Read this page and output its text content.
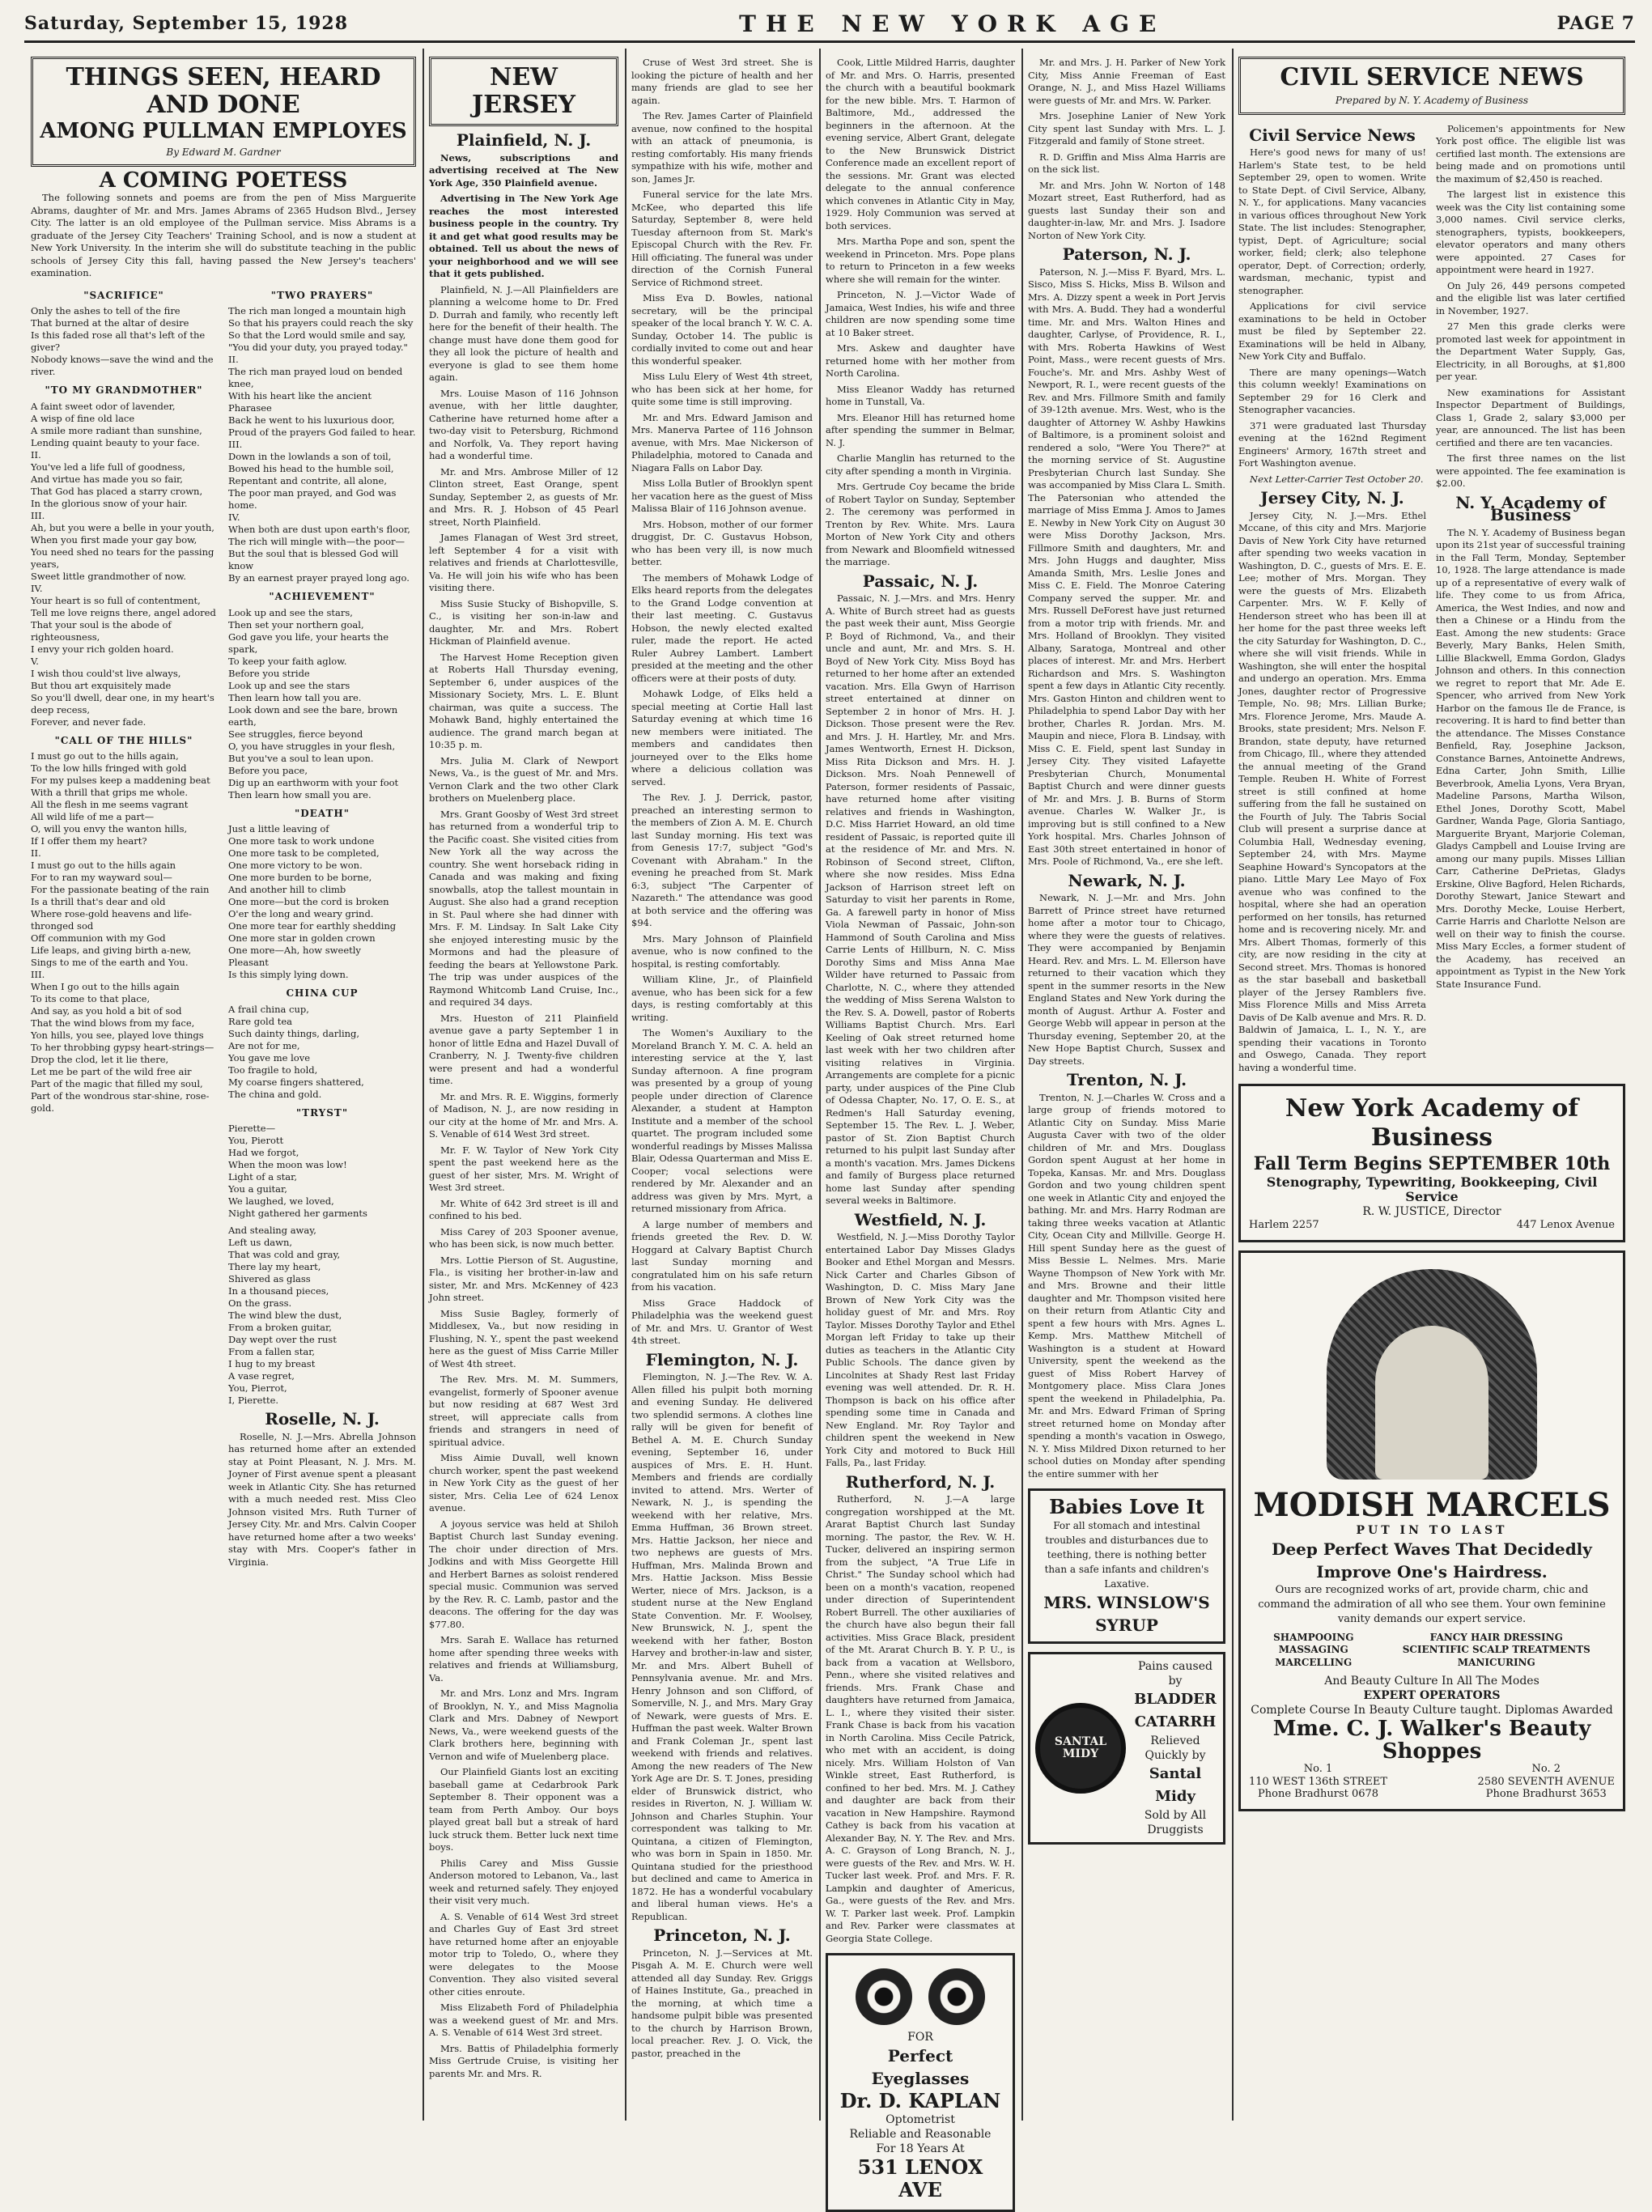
Saturday, September 15, 1928	THE NEW YORK AGE	PAGE 7
THINGS SEEN, HEARD AND DONE
AMONG PULLMAN EMPLOYES
By Edward M. Gardner
A COMING POETESS

The following sonnets and poems are from the pen of Miss Marguerite Abrams, daughter of Mr. and Mrs. James Abrams of 2365 Hudson Blvd., Jersey City. The latter is an old employee of the Pullman service. Miss Abrams is a graduate of the Jersey City Teachers' Training School, and is now a student at New York University. In the interim she will do substitute teaching in the public schools of Jersey City this fall, having passed the New Jersey's teachers' examination.

"SACRIFICE"
Only the ashes to tell of the fire
That burned at the altar of desire
Is this faded rose all that's left of the giver?
Nobody knows—save the wind and the river.
"TO MY GRANDMOTHER"
A faint sweet odor of lavender,
A wisp of fine old lace
A smile more radiant than sunshine,
Lending quaint beauty to your face.
II.
You've led a life full of goodness,
And virtue has made you so fair,
That God has placed a starry crown,
In the glorious snow of your hair.
III.
Ah, but you were a belle in your youth,
When you first made your gay bow,
You need shed no tears for the passing years,
Sweet little grandmother of now.
IV.
Your heart is so full of contentment,
Tell me love reigns there, angel adored
That your soul is the abode of righteousness,
I envy your rich golden hoard.
V.
I wish thou could'st live always,
But thou art exquisitely made
So you'll dwell, dear one, in my heart's deep recess,
Forever, and never fade.
"CALL OF THE HILLS"
I must go out to the hills again,
To the low hills fringed with gold
For my pulses keep a maddening beat
With a thrill that grips me whole.
All the flesh in me seems vagrant
All wild life of me a part—
O, will you envy the wanton hills,
If I offer them my heart?
II.
I must go out to the hills again
For to ran my wayward soul—
For the passionate beating of the rain
Is a thrill that's dear and old
Where rose-gold heavens and life-thronged sod
Off communion with my God
Life leaps, and giving birth a-new,
Sings to me of the earth and You.
III.
When I go out to the hills again
To its come to that place,
And say, as you hold a bit of sod
That the wind blows from my face,
Yon hills, you see, played love things
To her throbbing gypsy heart-strings—
Drop the clod, let it lie there,
Let me be part of the wild free air
Part of the magic that filled my soul,
Part of the wondrous star-shine, rose-gold.
"TWO PRAYERS"
The rich man longed a mountain high
So that his prayers could reach the sky
So that the Lord would smile and say,
"You did your duty, you prayed today."
II.
The rich man prayed loud on bended knee,
With his heart like the ancient Pharasee
Back he went to his luxurious door,
Proud of the prayers God failed to hear.
III.
Down in the lowlands a son of toil,
Bowed his head to the humble soil,
Repentant and contrite, all alone,
The poor man prayed, and God was home.
IV.
When both are dust upon earth's floor,
The rich will mingle with—the poor—
But the soul that is blessed God will know
By an earnest prayer prayed long ago.
"ACHIEVEMENT"
Look up and see the stars,
Then set your northern goal,
God gave you life, your hearts the spark,
To keep your faith aglow.
Before you stride
Look up and see the stars
Then learn how tall you are.
Look down and see the bare, brown earth,
See struggles, fierce beyond
O, you have struggles in your flesh,
But you've a soul to lean upon.
Before you pace,
Dig up an earthworm with your foot
Then learn how small you are.
"DEATH"
Just a little leaving of
One more task to work undone
One more task to be completed,
One more victory to be won.
One more burden to be borne,
And another hill to climb
One more—but the cord is broken
O'er the long and weary grind.
One more tear for earthly shedding
One more star in golden crown
One more—Ah, how sweetly
Pleasant
Is this simply lying down.
CHINA CUP
A frail china cup,
Rare gold tea
Such dainty things, darling,
Are not for me,
You gave me love
Too fragile to hold,
My coarse fingers shattered,
The china and gold.
"TRYST"
Pierette—
You, Pierott
Had we forgot,
When the moon was low!
Light of a star,
You a guitar,
We laughed, we loved,
Night gathered her garments
And stealing away,
Left us dawn,
That was cold and gray,
There lay my heart,
Shivered as glass
In a thousand pieces,
On the grass.
The wind blew the dust,
From a broken guitar,
Day wept over the rust
From a fallen star,
I hug to my breast
A vase regret,
You, Pierrot,
I, Pierette.
Roselle, N. J.

Roselle, N. J.—Mrs. Abrella Johnson has returned home after an extended stay at Point Pleasant, N. J. Mrs. M. Joyner of First avenue spent a pleasant week in Atlantic City. She has returned with a much needed rest. Miss Cleo Johnson visited Mrs. Ruth Turner of Jersey City. Mr. and Mrs. Calvin Cooper have returned home after a two weeks' stay with Mrs. Cooper's father in Virginia.

NEW JERSEY
Plainfield, N. J.

News, subscriptions and advertising received at The New York Age, 350 Plainfield avenue.

Advertising in The New York Age reaches the most interested business people in the country. Try it and get what good results may be obtained. Tell us about the news of your neighborhood and we will see that it gets published.

Plainfield, N. J.—All Plainfielders are planning a welcome home to Dr. Fred D. Durrah and family, who recently left here for the benefit of their health. The change must have done them good for they all look the picture of health and everyone is glad to see them home again.

Mrs. Louise Mason of 116 Johnson avenue, with her little daughter, Catherine have returned home after a two-day visit to Petersburg, Richmond and Norfolk, Va. They report having had a wonderful time.

Mr. and Mrs. Ambrose Miller of 12 Clinton street, East Orange, spent Sunday, September 2, as guests of Mr. and Mrs. R. J. Hobson of 45 Pearl street, North Plainfield.

James Flanagan of West 3rd street, left September 4 for a visit with relatives and friends at Charlottesville, Va. He will join his wife who has been visiting there.

Miss Susie Stucky of Bishopville, S. C., is visiting her son-in-law and daughter, Mr. and Mrs. Robert Hickman of Plainfield avenue.

The Harvest Home Reception given at Roberts Hall Thursday evening, September 6, under auspices of the Missionary Society, Mrs. L. E. Blunt chairman, was quite a success. The Mohawk Band, highly entertained the audience. The grand march began at 10:35 p. m.

Mrs. Julia M. Clark of Newport News, Va., is the guest of Mr. and Mrs. Vernon Clark and the two other Clark brothers on Muelenberg place.

Mrs. Grant Goosby of West 3rd street has returned from a wonderful trip to the Pacific coast. She visited cities from New York all the way across the country. She went horseback riding in Canada and was making and fixing snowballs, atop the tallest mountain in August. She also had a grand reception in St. Paul where she had dinner with Mrs. F. M. Lindsay. In Salt Lake City she enjoyed interesting music by the Mormons and had the pleasure of feeding the bears at Yellowstone Park. The trip was under auspices of the Raymond Whitcomb Land Cruise, Inc., and required 34 days.

Mrs. Hueston of 211 Plainfield avenue gave a party September 1 in honor of little Edna and Hazel Duvall of Cranberry, N. J. Twenty-five children were present and had a wonderful time.

Mr. and Mrs. R. E. Wiggins, formerly of Madison, N. J., are now residing in our city at the home of Mr. and Mrs. A. S. Venable of 614 West 3rd street.

Mr. F. W. Taylor of New York City spent the past weekend here as the guest of her sister, Mrs. M. Wright of West 3rd street.

Mr. White of 642 3rd street is ill and confined to his bed.

Miss Carey of 203 Spooner avenue, who has been sick, is now much better.

Mrs. Lottie Pierson of St. Augustine, Fla., is visiting her brother-in-law and sister, Mr. and Mrs. McKenney of 423 John street.

Miss Susie Bagley, formerly of Middlesex, Va., but now residing in Flushing, N. Y., spent the past weekend here as the guest of Miss Carrie Miller of West 4th street.

The Rev. Mrs. M. M. Summers, evangelist, formerly of Spooner avenue but now residing at 687 West 3rd street, will appreciate calls from friends and strangers in need of spiritual advice.

Miss Aimie Duvall, well known church worker, spent the past weekend in New York City as the guest of her sister, Mrs. Celia Lee of 624 Lenox avenue.

A joyous service was held at Shiloh Baptist Church last Sunday evening. The choir under direction of Mrs. Jodkins and with Miss Georgette Hill and Herbert Barnes as soloist rendered special music. Communion was served by the Rev. R. C. Lamb, pastor and the deacons. The offering for the day was $77.80.

Mrs. Sarah E. Wallace has returned home after spending three weeks with relatives and friends at Williamsburg, Va.

Mr. and Mrs. Lonz and Mrs. Ingram of Brooklyn, N. Y., and Miss Magnolia Clark and Mrs. Dabney of Newport News, Va., were weekend guests of the Clark brothers here, beginning with Vernon and wife of Muelenberg place.

Our Plainfield Giants lost an exciting baseball game at Cedarbrook Park September 8. Their opponent was a team from Perth Amboy. Our boys played great ball but a streak of hard luck struck them. Better luck next time boys.

Philis Carey and Miss Gussie Anderson motored to Lebanon, Va., last week and returned safely. They enjoyed their visit very much.

A. S. Venable of 614 West 3rd street and Charles Guy of East 3rd street have returned home after an enjoyable motor trip to Toledo, O., where they were delegates to the Moose Convention. They also visited several other cities enroute.

Miss Elizabeth Ford of Philadelphia was a weekend guest of Mr. and Mrs. A. S. Venable of 614 West 3rd street.

Mrs. Battis of Philadelphia formerly Miss Gertrude Cruise, is visiting her parents Mr. and Mrs. R.

Cruse of West 3rd street. She is looking the picture of health and her many friends are glad to see her again.

The Rev. James Carter of Plainfield avenue, now confined to the hospital with an attack of pneumonia, is resting comfortably. His many friends sympathize with his wife, mother and son, James Jr.

Funeral service for the late Mrs. McKee, who departed this life Saturday, September 8, were held Tuesday afternoon from St. Mark's Episcopal Church with the Rev. Fr. Hill officiating. The funeral was under direction of the Cornish Funeral Service of Richmond street.

Miss Eva D. Bowles, national secretary, will be the principal speaker of the local branch Y. W. C. A. Sunday, October 14. The public is cordially invited to come out and hear this wonderful speaker.

Miss Lulu Elery of West 4th street, who has been sick at her home, for quite some time is still improving.

Mr. and Mrs. Edward Jamison and Mrs. Manerva Partee of 116 Johnson avenue, with Mrs. Mae Nickerson of Philadelphia, motored to Canada and Niagara Falls on Labor Day.

Miss Lolla Butler of Brooklyn spent her vacation here as the guest of Miss Malissa Blair of 116 Johnson avenue.

Mrs. Hobson, mother of our former druggist, Dr. C. Gustavus Hobson, who has been very ill, is now much better.

The members of Mohawk Lodge of Elks heard reports from the delegates to the Grand Lodge convention at their last meeting. C. Gustavus Hobson, the newly elected exalted ruler, made the report. He acted Ruler Aubrey Lambert. Lambert presided at the meeting and the other officers were at their posts of duty.

Mohawk Lodge, of Elks held a special meeting at Cortie Hall last Saturday evening at which time 16 new members were initiated. The members and candidates then journeyed over to the Elks home where a delicious collation was served.

The Rev. J. J. Derrick, pastor, preached an interesting sermon to the members of Zion A. M. E. Church last Sunday morning. His text was from Genesis 17:7, subject "God's Covenant with Abraham." In the evening he preached from St. Mark 6:3, subject "The Carpenter of Nazareth." The attendance was good at both service and the offering was $94.

Mrs. Mary Johnson of Plainfield avenue, who is now confined to the hospital, is resting comfortably.

William Kline, Jr., of Plainfield avenue, who has been sick for a few days, is resting comfortably at this writing.

The Women's Auxiliary to the Moreland Branch Y. M. C. A. held an interesting service at the Y, last Sunday afternoon. A fine program was presented by a group of young people under direction of Clarence Alexander, a student at Hampton Institute and a member of the school quartet. The program included some wonderful readings by Misses Malissa Blair, Odessa Quarterman and Miss E. Cooper; vocal selections were rendered by Mr. Alexander and an address was given by Mrs. Myrt, a returned missionary from Africa.

A large number of members and friends greeted the Rev. D. W. Hoggard at Calvary Baptist Church last Sunday morning and congratulated him on his safe return from his vacation.

Miss Grace Haddock of Philadelphia was the weekend guest of Mr. and Mrs. U. Grantor of West 4th street.

Flemington, N. J.

Flemington, N. J.—The Rev. W. A. Allen filled his pulpit both morning and evening Sunday. He delivered two splendid sermons. A clothes line rally will be given for benefit of Bethel A. M. E. Church Sunday evening, September 16, under auspices of Mrs. E. H. Hunt. Members and friends are cordially invited to attend. Mrs. Werter of Newark, N. J., is spending the weekend with her relative, Mrs. Emma Huffman, 36 Brown street. Mrs. Hattie Jackson, her niece and two nephews are guests of Mrs. Huffman, Mrs. Malinda Brown and Mrs. Hattie Jackson. Miss Bessie Werter, niece of Mrs. Jackson, is a student nurse at the New England State Convention. Mr. F. Woolsey, New Brunswick, N. J., spent the weekend with her father, Boston Harvey and brother-in-law and sister, Mr. and Mrs. Albert Buhell of Pennsylvania avenue. Mr. and Mrs. Henry Johnson and son Clifford, of Somerville, N. J., and Mrs. Mary Gray of Newark, were guests of Mrs. E. Huffman the past week. Walter Brown and Frank Coleman Jr., spent last weekend with friends and relatives. Among the new readers of The New York Age are Dr. S. T. Jones, presiding elder of Brunswick district, who resides in Riverton, N. J. William W. Johnson and Charles Stuphin. Your correspondent was talking to Mr. Quintana, a citizen of Flemington, who was born in Spain in 1850. Mr. Quintana studied for the priesthood but declined and came to America in 1872. He has a wonderful vocabulary and liberal human views. He's a Republican.

Princeton, N. J.

Princeton, N. J.—Services at Mt. Pisgah A. M. E. Church were well attended all day Sunday. Rev. Griggs of Haines Institute, Ga., preached in the morning, at which time a handsome pulpit bible was presented to the church by Harrison Brown, local preacher. Rev. J. O. Vick, the pastor, preached in the

Cook, Little Mildred Harris, daughter of Mr. and Mrs. O. Harris, presented the church with a beautiful bookmark for the new bible. Mrs. T. Harmon of Baltimore, Md., addressed the beginners in the afternoon. At the evening service, Albert Grant, delegate to the New Brunswick District Conference made an excellent report of the sessions. Mr. Grant was elected delegate to the annual conference which convenes in Atlantic City in May, 1929. Holy Communion was served at both services.

Mrs. Martha Pope and son, spent the weekend in Princeton. Mrs. Pope plans to return to Princeton in a few weeks where she will remain for the winter.

Princeton, N. J.—Victor Wade of Jamaica, West Indies, his wife and three children are now spending some time at 10 Baker street.

Mrs. Askew and daughter have returned home with her mother from North Carolina.

Miss Eleanor Waddy has returned home in Tunstall, Va.

Mrs. Eleanor Hill has returned home after spending the summer in Belmar, N. J.

Charlie Manglin has returned to the city after spending a month in Virginia.

Mrs. Gertrude Coy became the bride of Robert Taylor on Sunday, September 2. The ceremony was performed in Trenton by Rev. White. Mrs. Laura Morton of New York City and others from Newark and Bloomfield witnessed the marriage.

Passaic, N. J.

Passaic, N. J.—Mrs. and Mrs. Henry A. White of Burch street had as guests the past week their aunt, Miss Georgie P. Boyd of Richmond, Va., and their uncle and aunt, Mr. and Mrs. S. H. Boyd of New York City. Miss Boyd has returned to her home after an extended vacation. Mrs. Ella Gwyn of Harrison street entertained at dinner on September 2 in honor of Mrs. H. J. Dickson. Those present were the Rev. and Mrs. J. H. Hartley, Mr. and Mrs. James Wentworth, Ernest H. Dickson, Miss Rita Dickson and Mrs. H. J. Dickson. Mrs. Noah Pennewell of Paterson, former residents of Passaic, have returned home after visiting relatives and friends in Washington, D.C. Miss Harriet Howard, an old time resident of Passaic, is reported quite ill at the residence of Mr. and Mrs. N. Robinson of Second street, Clifton, where she now resides. Miss Edna Jackson of Harrison street left on Saturday to visit her parents in Rome, Ga. A farewell party in honor of Miss Viola Newman of Passaic, John-son Hammond of South Carolina and Miss Carrie Lents of Hillburn, N. C. Miss Dorothy Sims and Miss Anna Mae Wilder have returned to Passaic from Charlotte, N. C., where they attended the wedding of Miss Serena Walston to the Rev. S. A. Dowell, pastor of Roberts Williams Baptist Church. Mrs. Earl Keeling of Oak street returned home last week with her two children after visiting relatives in Virginia. Arrangements are complete for a picnic party, under auspices of the Pine Club of Odessa Chapter, No. 17, O. E. S., at Redmen's Hall Saturday evening, September 15. The Rev. L. J. Weber, pastor of St. Zion Baptist Church returned to his pulpit last Sunday after a month's vacation. Mrs. James Dickens and family of Burgess place returned home last Sunday after spending several weeks in Baltimore.

Westfield, N. J.

Westfield, N. J.—Miss Dorothy Taylor entertained Labor Day Misses Gladys Booker and Ethel Morgan and Messrs. Nick Carter and Charles Gibson of Washington, D. C. Miss Mary Jane Brown of New York City was the holiday guest of Mr. and Mrs. Roy Taylor. Misses Dorothy Taylor and Ethel Morgan left Friday to take up their duties as teachers in the Atlantic City Public Schools. The dance given by Lincolnites at Shady Rest last Friday evening was well attended. Dr. R. H. Thompson is back on his office after spending some time in Canada and New England. Mr. Roy Taylor and children spent the weekend in New York City and motored to Buck Hill Falls, Pa., last Friday.

Rutherford, N. J.

Rutherford, N. J.—A large congregation worshipped at the Mt. Ararat Baptist Church last Sunday morning. The pastor, the Rev. W. H. Tucker, delivered an inspiring sermon from the subject, "A True Life in Christ." The Sunday school which had been on a month's vacation, reopened under direction of Superintendent Robert Burrell. The other auxiliaries of the church have also begun their fall activities. Miss Grace Black, president of the Mt. Ararat Church B. Y. P. U., is back from a vacation at Wellsboro, Penn., where she visited relatives and friends. Mrs. Frank Chase and daughters have returned from Jamaica, L. I., where they visited their sister. Frank Chase is back from his vacation in North Carolina. Miss Cecile Patrick, who met with an accident, is doing nicely. Mrs. William Holston of Van Winkle street, East Rutherford, is confined to her bed. Mrs. M. J. Cathey and daughter are back from their vacation in New Hampshire. Raymond Cathey is back from his vacation at Alexander Bay, N. Y. The Rev. and Mrs. A. C. Grayson of Long Branch, N. J., were guests of the Rev. and Mrs. W. H. Tucker last week. Prof. and Mrs. F. R. Lampkin and daughter of Americus, Ga., were guests of the Rev. and Mrs. W. T. Parker last week. Prof. Lampkin and Rev. Parker were classmates at Georgia State College.

FOR
Perfect Eyeglasses
Dr. D. KAPLAN
Optometrist
Reliable and Reasonable
For 18 Years At
531 LENOX AVE

Mr. and Mrs. J. H. Parker of New York City, Miss Annie Freeman of East Orange, N. J., and Miss Hazel Williams were guests of Mr. and Mrs. W. Parker.

Mrs. Josephine Lanier of New York City spent last Sunday with Mrs. L. J. Fitzgerald and family of Stone street.

R. D. Griffin and Miss Alma Harris are on the sick list.

Mr. and Mrs. John W. Norton of 148 Mozart street, East Rutherford, had as guests last Sunday their son and daughter-in-law, Mr. and Mrs. J. Isadore Norton of New York City.

Paterson, N. J.

Paterson, N. J.—Miss F. Byard, Mrs. L. Sisco, Miss S. Hicks, Miss B. Wilson and Mrs. A. Dizzy spent a week in Port Jervis with Mrs. A. Budd. They had a wonderful time. Mr. and Mrs. Walton Hines and daughter, Carlyse, of Providence, R. I., with Mrs. Roberta Hawkins of West Point, Mass., were recent guests of Mrs. Fouche's. Mr. and Mrs. Ashby West of Newport, R. I., were recent guests of the Rev. and Mrs. Fillmore Smith and family of 39-12th avenue. Mrs. West, who is the daughter of Attorney W. Ashby Hawkins of Baltimore, is a prominent soloist and rendered a solo, "Were You There?" at the morning service of St. Augustine Presbyterian Church last Sunday. She was accompanied by Miss Clara L. Smith. The Patersonian who attended the marriage of Miss Emma J. Amos to James E. Newby in New York City on August 30 were Miss Dorothy Jackson, Mrs. Fillmore Smith and daughters, Mr. and Mrs. John Huggs and daughter, Miss Amanda Smith, Mrs. Leslie Jones and Miss C. E. Field. The Monroe Catering Company served the supper. Mr. and Mrs. Russell DeForest have just returned from a motor trip with friends. Mr. and Mrs. Holland of Brooklyn. They visited Albany, Saratoga, Montreal and other places of interest. Mr. and Mrs. Herbert Richardson and Mrs. S. Washington spent a few days in Atlantic City recently. Mrs. Gaston Hinton and children went to Philadelphia to spend Labor Day with her brother, Charles R. Jordan. Mrs. M. Maupin and niece, Flora B. Lindsay, with Miss C. E. Field, spent last Sunday in Jersey City. They visited Lafayette Presbyterian Church, Monumental Baptist Church and were dinner guests of Mr. and Mrs. J. B. Burns of Storm avenue. Charles W. Walker Jr., is improving but is still confined to a New York hospital. Mrs. Charles Johnson of East 30th street entertained in honor of Mrs. Poole of Richmond, Va., ere she left.

Newark, N. J.

Newark, N. J.—Mr. and Mrs. John Barrett of Prince street have returned home after a motor tour to Chicago, where they were the guests of relatives. They were accompanied by Benjamin Heard. Rev. and Mrs. L. M. Ellerson have returned to their vacation which they spent in the summer resorts in the New England States and New York during the month of August. Arthur A. Foster and George Webb will appear in person at the Thursday evening, September 20, at the New Hope Baptist Church, Sussex and Day streets.

Trenton, N. J.

Trenton, N. J.—Charles W. Cross and a large group of friends motored to Atlantic City on Sunday. Miss Marie Augusta Caver with two of the older children of Mr. and Mrs. Douglass Gordon spent August at her home in Topeka, Kansas. Mr. and Mrs. Douglass Gordon and two young children spent one week in Atlantic City and enjoyed the bathing. Mr. and Mrs. Harry Rodman are taking three weeks vacation at Atlantic City, Ocean City and Millville. George H. Hill spent Sunday here as the guest of Miss Bessie L. Nelmes. Mrs. Marie Wayne Thompson of New York with Mr. and Mrs. Browne and their little daughter and Mr. Thompson visited here on their return from Atlantic City and spent a few hours with Mrs. Agnes L. Kemp. Mrs. Matthew Mitchell of Washington is a student at Howard University, spent the weekend as the guest of Miss Robert Harvey of Montgomery place. Miss Clara Jones spent the weekend in Philadelphia, Pa. Mr. and Mrs. Edward Friman of Spring street returned home on Monday after spending a month's vacation in Oswego, N. Y. Miss Mildred Dixon returned to her school duties on Monday after spending the entire summer with her

Babies Love It
For all stomach and intestinal troubles and disturbances due to teething, there is nothing better than a safe infants and children's Laxative.
MRS. WINSLOW'S SYRUP
SANTAL MIDY
Pains caused by
BLADDER CATARRH
Relieved Quickly by
Santal Midy
Sold by All Druggists
CIVIL SERVICE NEWS
Prepared by N. Y. Academy of Business
Civil Service News

Here's good news for many of us! Harlem's State test, to be held September 29, open to women. Write to State Dept. of Civil Service, Albany, N. Y., for applications. Many vacancies in various offices throughout New York State. The list includes: Stenographer, typist, Dept. of Agriculture; social worker, field; clerk; also telephone operator, Dept. of Correction; orderly, wardsman, mechanic, typist and stenographer.

Applications for civil service examinations to be held in October must be filed by September 22. Examinations will be held in Albany, New York City and Buffalo.

There are many openings—Watch this column weekly! Examinations on September 29 for 16 Clerk and Stenographer vacancies.

371 were graduated last Thursday evening at the 162nd Regiment Engineers' Armory, 167th street and Fort Washington avenue.

Next Letter-Carrier Test October 20.

Jersey City, N. J.

Jersey City, N. J.—Mrs. Ethel Mccane, of this city and Mrs. Marjorie Davis of New York City have returned after spending two weeks vacation in Washington, D. C., guests of Mrs. E. E. Lee; mother of Mrs. Morgan. They were the guests of Mrs. Elizabeth Carpenter. Mrs. W. F. Kelly of Henderson street who has been ill at her home for the past three weeks left the city Saturday for Washington, D. C., where she will visit friends. While in Washington, she will enter the hospital and undergo an operation. Mrs. Emma Jones, daughter rector of Progressive Temple, No. 98; Mrs. Lillian Burke; Mrs. Florence Jerome, Mrs. Maude A. Brooks, state president; Mrs. Nelson F. Brandon, state deputy, have returned from Chicago, Ill., where they attended the annual meeting of the Grand Temple. Reuben H. White of Forrest street is still confined at home suffering from the fall he sustained on the Fourth of July. The Tabris Social Club will present a surprise dance at Columbia Hall, Wednesday evening, September 24, with Mrs. Mayme Seaphine Howard's Syncopators at the piano. Little Mary Lee Mayo of Fox avenue who was confined to the hospital, where she had an operation performed on her tonsils, has returned home and is recovering nicely. Mr. and Mrs. Albert Thomas, formerly of this city, are now residing in the city at Second street. Mrs. Thomas is honored as the star baseball and basketball player of the Jersey Ramblers five. Miss Florence Mills and Miss Arreta Davis of De Kalb avenue and Mrs. R. D. Baldwin of Jamaica, L. I., N. Y., are spending their vacations in Toronto and Oswego, Canada. They report having a wonderful time.

Policemen's appointments for New York post office. The eligible list was certified last month. The extensions are being made and on promotions until the maximum of $2,450 is reached.

The largest list in existence this week was the City list containing some 3,000 names. Civil service clerks, stenographers, typists, bookkeepers, elevator operators and many others were appointed. 27 Cases for appointment were heard in 1927.

On July 26, 449 persons competed and the eligible list was later certified in November, 1927.

27 Men this grade clerks were promoted last week for appointment in the Department Water Supply, Gas, Electricity, in all Boroughs, at $1,800 per year.

New examinations for Assistant Inspector Department of Buildings, Class 1, Grade 2, salary $3,000 per year, are announced. The list has been certified and there are ten vacancies.

The first three names on the list were appointed. The fee examination is $2.00.

N. Y. Academy of Business

The N. Y. Academy of Business began upon its 21st year of successful training in the Fall Term, Monday, September 10, 1928. The large attendance is made up of a representative of every walk of life. They come to us from Africa, America, the West Indies, and now and then a Chinese or a Hindu from the East. Among the new students: Grace Beverly, Mary Banks, Helen Smith, Lillie Blackwell, Emma Gordon, Gladys Johnson and others. In this connection we regret to report that Mr. Ade E. Spencer, who arrived from New York Harbor on the famous Ile de France, is recovering. It is hard to find better than the attendance. The Misses Constance Benfield, Ray, Josephine Jackson, Constance Barnes, Antoinette Andrews, Edna Carter, John Smith, Lillie Beverbrook, Amelia Lyons, Vera Bryan, Madeline Parsons, Martha Wilson, Ethel Jones, Dorothy Scott, Mabel Gardner, Wanda Page, Gloria Santiago, Marguerite Bryant, Marjorie Coleman, Gladys Campbell and Louise Irving are among our many pupils. Misses Lillian Carr, Catherine DePrietas, Gladys Erskine, Olive Bagford, Helen Richards, Dorothy Stewart, Janice Stewart and Mrs. Dorothy Mecke, Louise Herbert, Carrie Harris and Charlotte Nelson are well on their way to finish the course. Miss Mary Eccles, a former student of the Academy, has received an appointment as Typist in the New York State Insurance Fund.

New York Academy of Business
Fall Term Begins SEPTEMBER 10th
Stenography, Typewriting, Bookkeeping, Civil Service
R. W. JUSTICE, Director
Harlem 2257	447 Lenox Avenue
MODISH MARCELS
PUT IN TO LAST
Deep Perfect Waves That Decidedly Improve One's Hairdress.
Ours are recognized works of art, provide charm, chic and command the admiration of all who see them. Your own feminine vanity demands our expert service.
SHAMPOOING
MASSAGING
MARCELLING
FANCY HAIR DRESSING
SCIENTIFIC SCALP TREATMENTS
MANICURING
And Beauty Culture In All The Modes
EXPERT OPERATORS
Complete Course In Beauty Culture taught. Diplomas Awarded
Mme. C. J. Walker's Beauty Shoppes
No. 1
110 WEST 136th STREET
Phone Bradhurst 0678
No. 2
2580 SEVENTH AVENUE
Phone Bradhurst 3653
